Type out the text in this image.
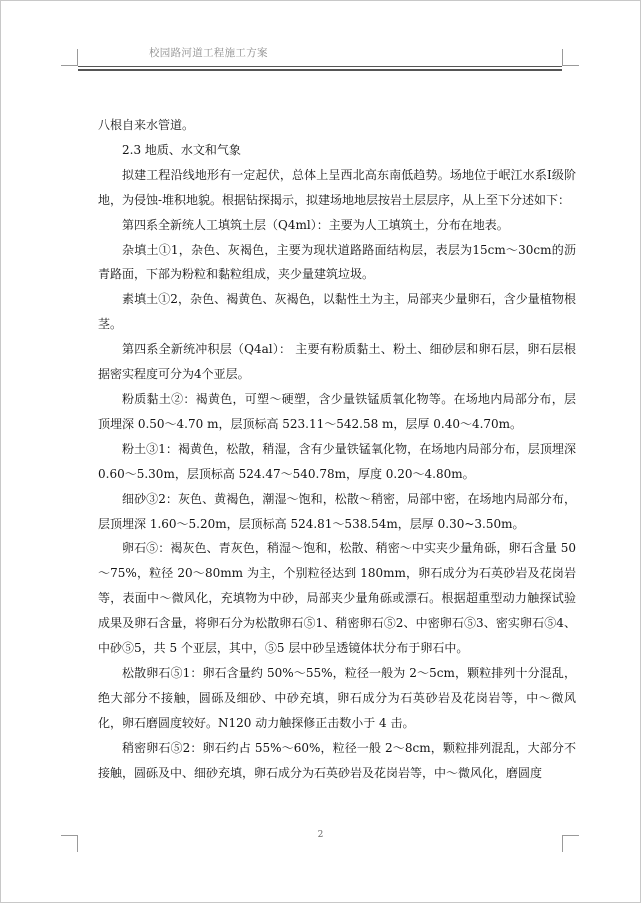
校园路河道工程施工方案

八根自来水管道。

2.3 地质、水文和气象

拟建工程沿线地形有一定起伏，总体上呈西北高东南低趋势。场地位于岷江水系Ⅰ级阶地，为侵蚀-堆积地貌。根据钻探揭示，拟建场地地层按岩土层层序，从上至下分述如下：

第四系全新统人工填筑土层（Q4ml）：主要为人工填筑土，分布在地表。

杂填土①1，杂色、灰褐色，主要为现状道路路面结构层，表层为15cm～30cm的沥青路面，下部为粉粒和黏粒组成，夹少量建筑垃圾。

素填土①2，杂色、褐黄色、灰褐色，以黏性土为主，局部夹少量卵石，含少量植物根茎。

第四系全新统冲积层（Q4al）： 主要有粉质黏土、粉土、细砂层和卵石层，卵石层根据密实程度可分为4个亚层。

粉质黏土②：褐黄色，可塑～硬塑，含少量铁锰质氧化物等。在场地内局部分布，层顶埋深 0.50～4.70 m，层顶标高 523.11～542.58 m，层厚 0.40～4.70m。

粉土③1：褐黄色，松散，稍湿，含有少量铁锰氧化物，在场地内局部分布，层顶埋深 0.60～5.30m，层顶标高 524.47～540.78m，厚度 0.20～4.80m。

细砂③2：灰色、黄褐色，潮湿～饱和，松散～稍密，局部中密，在场地内局部分布，层顶埋深 1.60～5.20m，层顶标高 524.81～538.54m，层厚 0.30~3.50m。

卵石⑤：褐灰色、青灰色，稍湿～饱和，松散、稍密～中实夹少量角砾，卵石含量 50～75%，粒径 20～80mm 为主，个别粒径达到 180mm，卵石成分为石英砂岩及花岗岩等，表面中～微风化，充填物为中砂，局部夹少量角砾或漂石。根据超重型动力触探试验成果及卵石含量，将卵石分为松散卵石⑤1、稍密卵石⑤2、中密卵石⑤3、密实卵石⑤4、中砂⑤5，共 5 个亚层，其中，⑤5 层中砂呈透镜体状分布于卵石中。

松散卵石⑤1：卵石含量约 50%～55%，粒径一般为 2～5cm，颗粒排列十分混乱，绝大部分不接触，圆砾及细砂、中砂充填，卵石成分为石英砂岩及花岗岩等，中～微风化，卵石磨圆度较好。N120 动力触探修正击数小于 4 击。

稍密卵石⑤2：卵石约占 55%～60%，粒径一般 2～8cm，颗粒排列混乱，大部分不接触，圆砾及中、细砂充填，卵石成分为石英砂岩及花岗岩等，中～微风化，磨圆度

2
